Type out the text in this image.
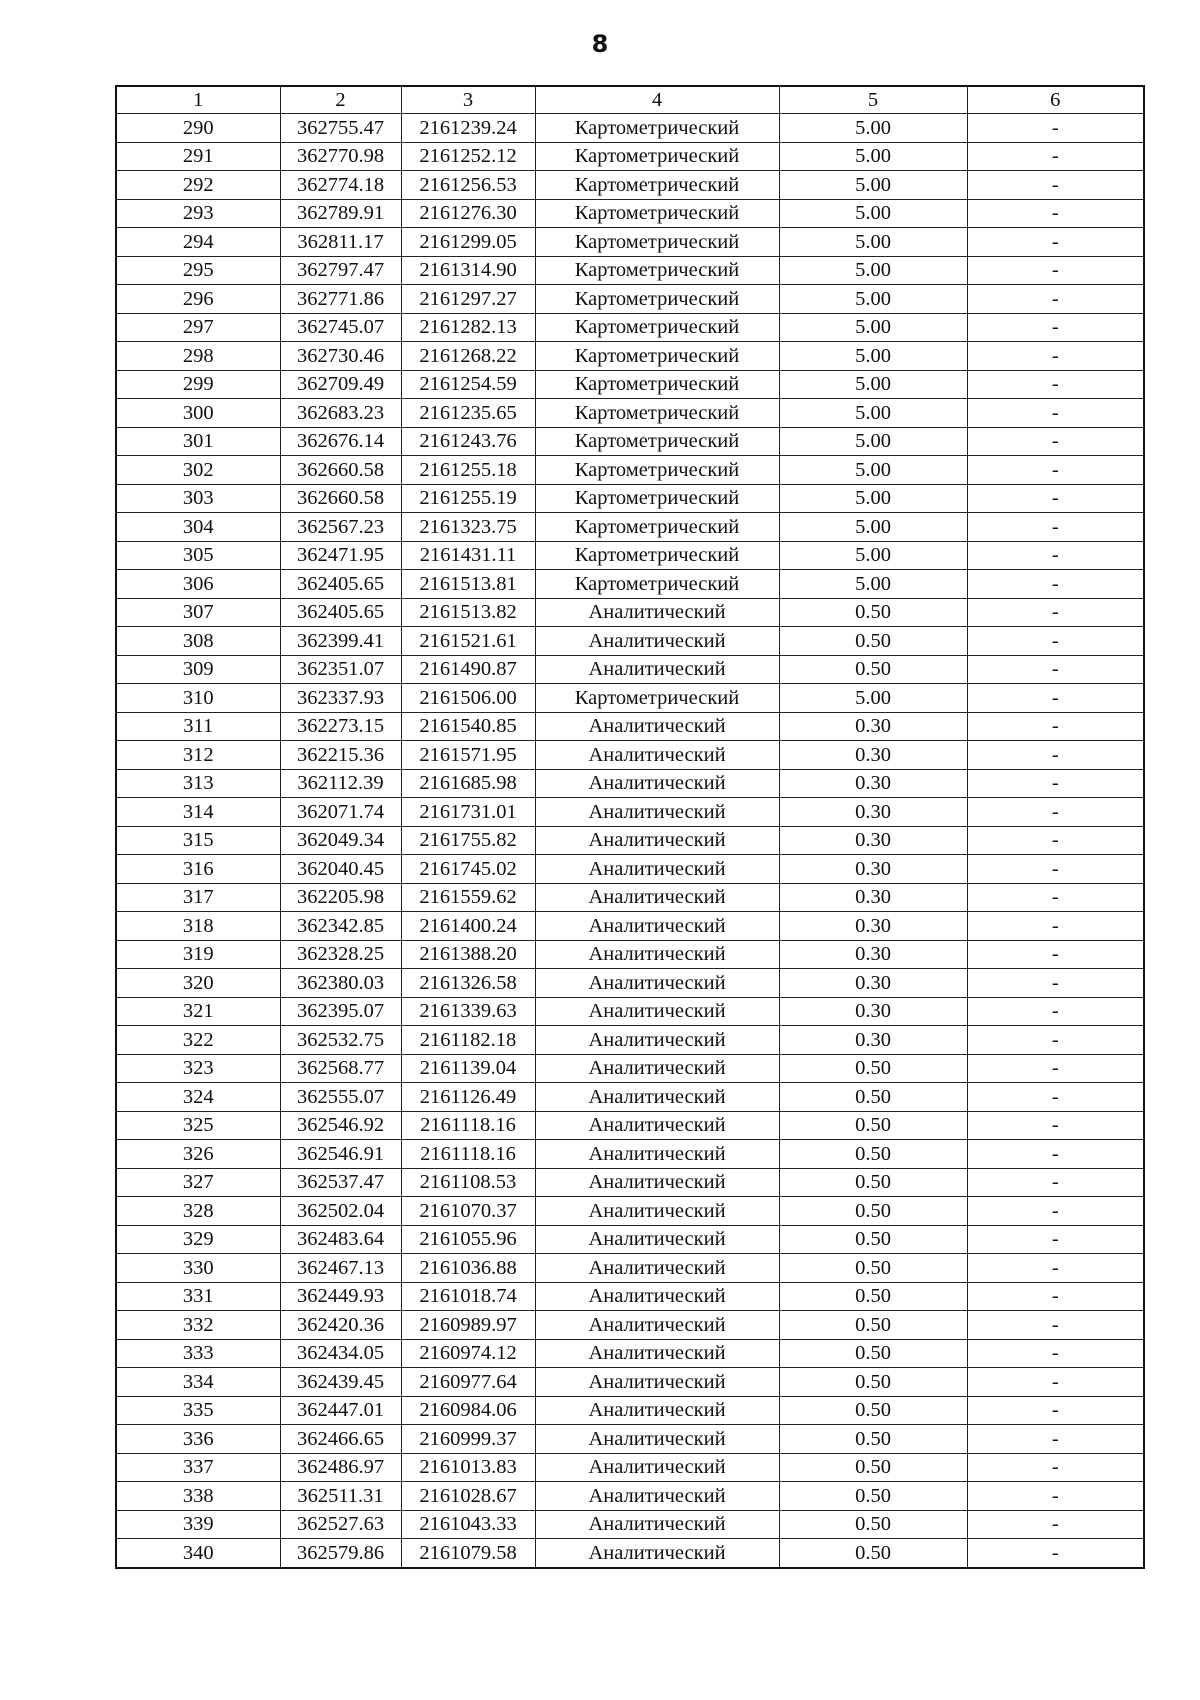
8
1	2	3	4	5	6
290	362755.47	2161239.24	Картометрический	5.00	-
291	362770.98	2161252.12	Картометрический	5.00	-
292	362774.18	2161256.53	Картометрический	5.00	-
293	362789.91	2161276.30	Картометрический	5.00	-
294	362811.17	2161299.05	Картометрический	5.00	-
295	362797.47	2161314.90	Картометрический	5.00	-
296	362771.86	2161297.27	Картометрический	5.00	-
297	362745.07	2161282.13	Картометрический	5.00	-
298	362730.46	2161268.22	Картометрический	5.00	-
299	362709.49	2161254.59	Картометрический	5.00	-
300	362683.23	2161235.65	Картометрический	5.00	-
301	362676.14	2161243.76	Картометрический	5.00	-
302	362660.58	2161255.18	Картометрический	5.00	-
303	362660.58	2161255.19	Картометрический	5.00	-
304	362567.23	2161323.75	Картометрический	5.00	-
305	362471.95	2161431.11	Картометрический	5.00	-
306	362405.65	2161513.81	Картометрический	5.00	-
307	362405.65	2161513.82	Аналитический	0.50	-
308	362399.41	2161521.61	Аналитический	0.50	-
309	362351.07	2161490.87	Аналитический	0.50	-
310	362337.93	2161506.00	Картометрический	5.00	-
311	362273.15	2161540.85	Аналитический	0.30	-
312	362215.36	2161571.95	Аналитический	0.30	-
313	362112.39	2161685.98	Аналитический	0.30	-
314	362071.74	2161731.01	Аналитический	0.30	-
315	362049.34	2161755.82	Аналитический	0.30	-
316	362040.45	2161745.02	Аналитический	0.30	-
317	362205.98	2161559.62	Аналитический	0.30	-
318	362342.85	2161400.24	Аналитический	0.30	-
319	362328.25	2161388.20	Аналитический	0.30	-
320	362380.03	2161326.58	Аналитический	0.30	-
321	362395.07	2161339.63	Аналитический	0.30	-
322	362532.75	2161182.18	Аналитический	0.30	-
323	362568.77	2161139.04	Аналитический	0.50	-
324	362555.07	2161126.49	Аналитический	0.50	-
325	362546.92	2161118.16	Аналитический	0.50	-
326	362546.91	2161118.16	Аналитический	0.50	-
327	362537.47	2161108.53	Аналитический	0.50	-
328	362502.04	2161070.37	Аналитический	0.50	-
329	362483.64	2161055.96	Аналитический	0.50	-
330	362467.13	2161036.88	Аналитический	0.50	-
331	362449.93	2161018.74	Аналитический	0.50	-
332	362420.36	2160989.97	Аналитический	0.50	-
333	362434.05	2160974.12	Аналитический	0.50	-
334	362439.45	2160977.64	Аналитический	0.50	-
335	362447.01	2160984.06	Аналитический	0.50	-
336	362466.65	2160999.37	Аналитический	0.50	-
337	362486.97	2161013.83	Аналитический	0.50	-
338	362511.31	2161028.67	Аналитический	0.50	-
339	362527.63	2161043.33	Аналитический	0.50	-
340	362579.86	2161079.58	Аналитический	0.50	-
